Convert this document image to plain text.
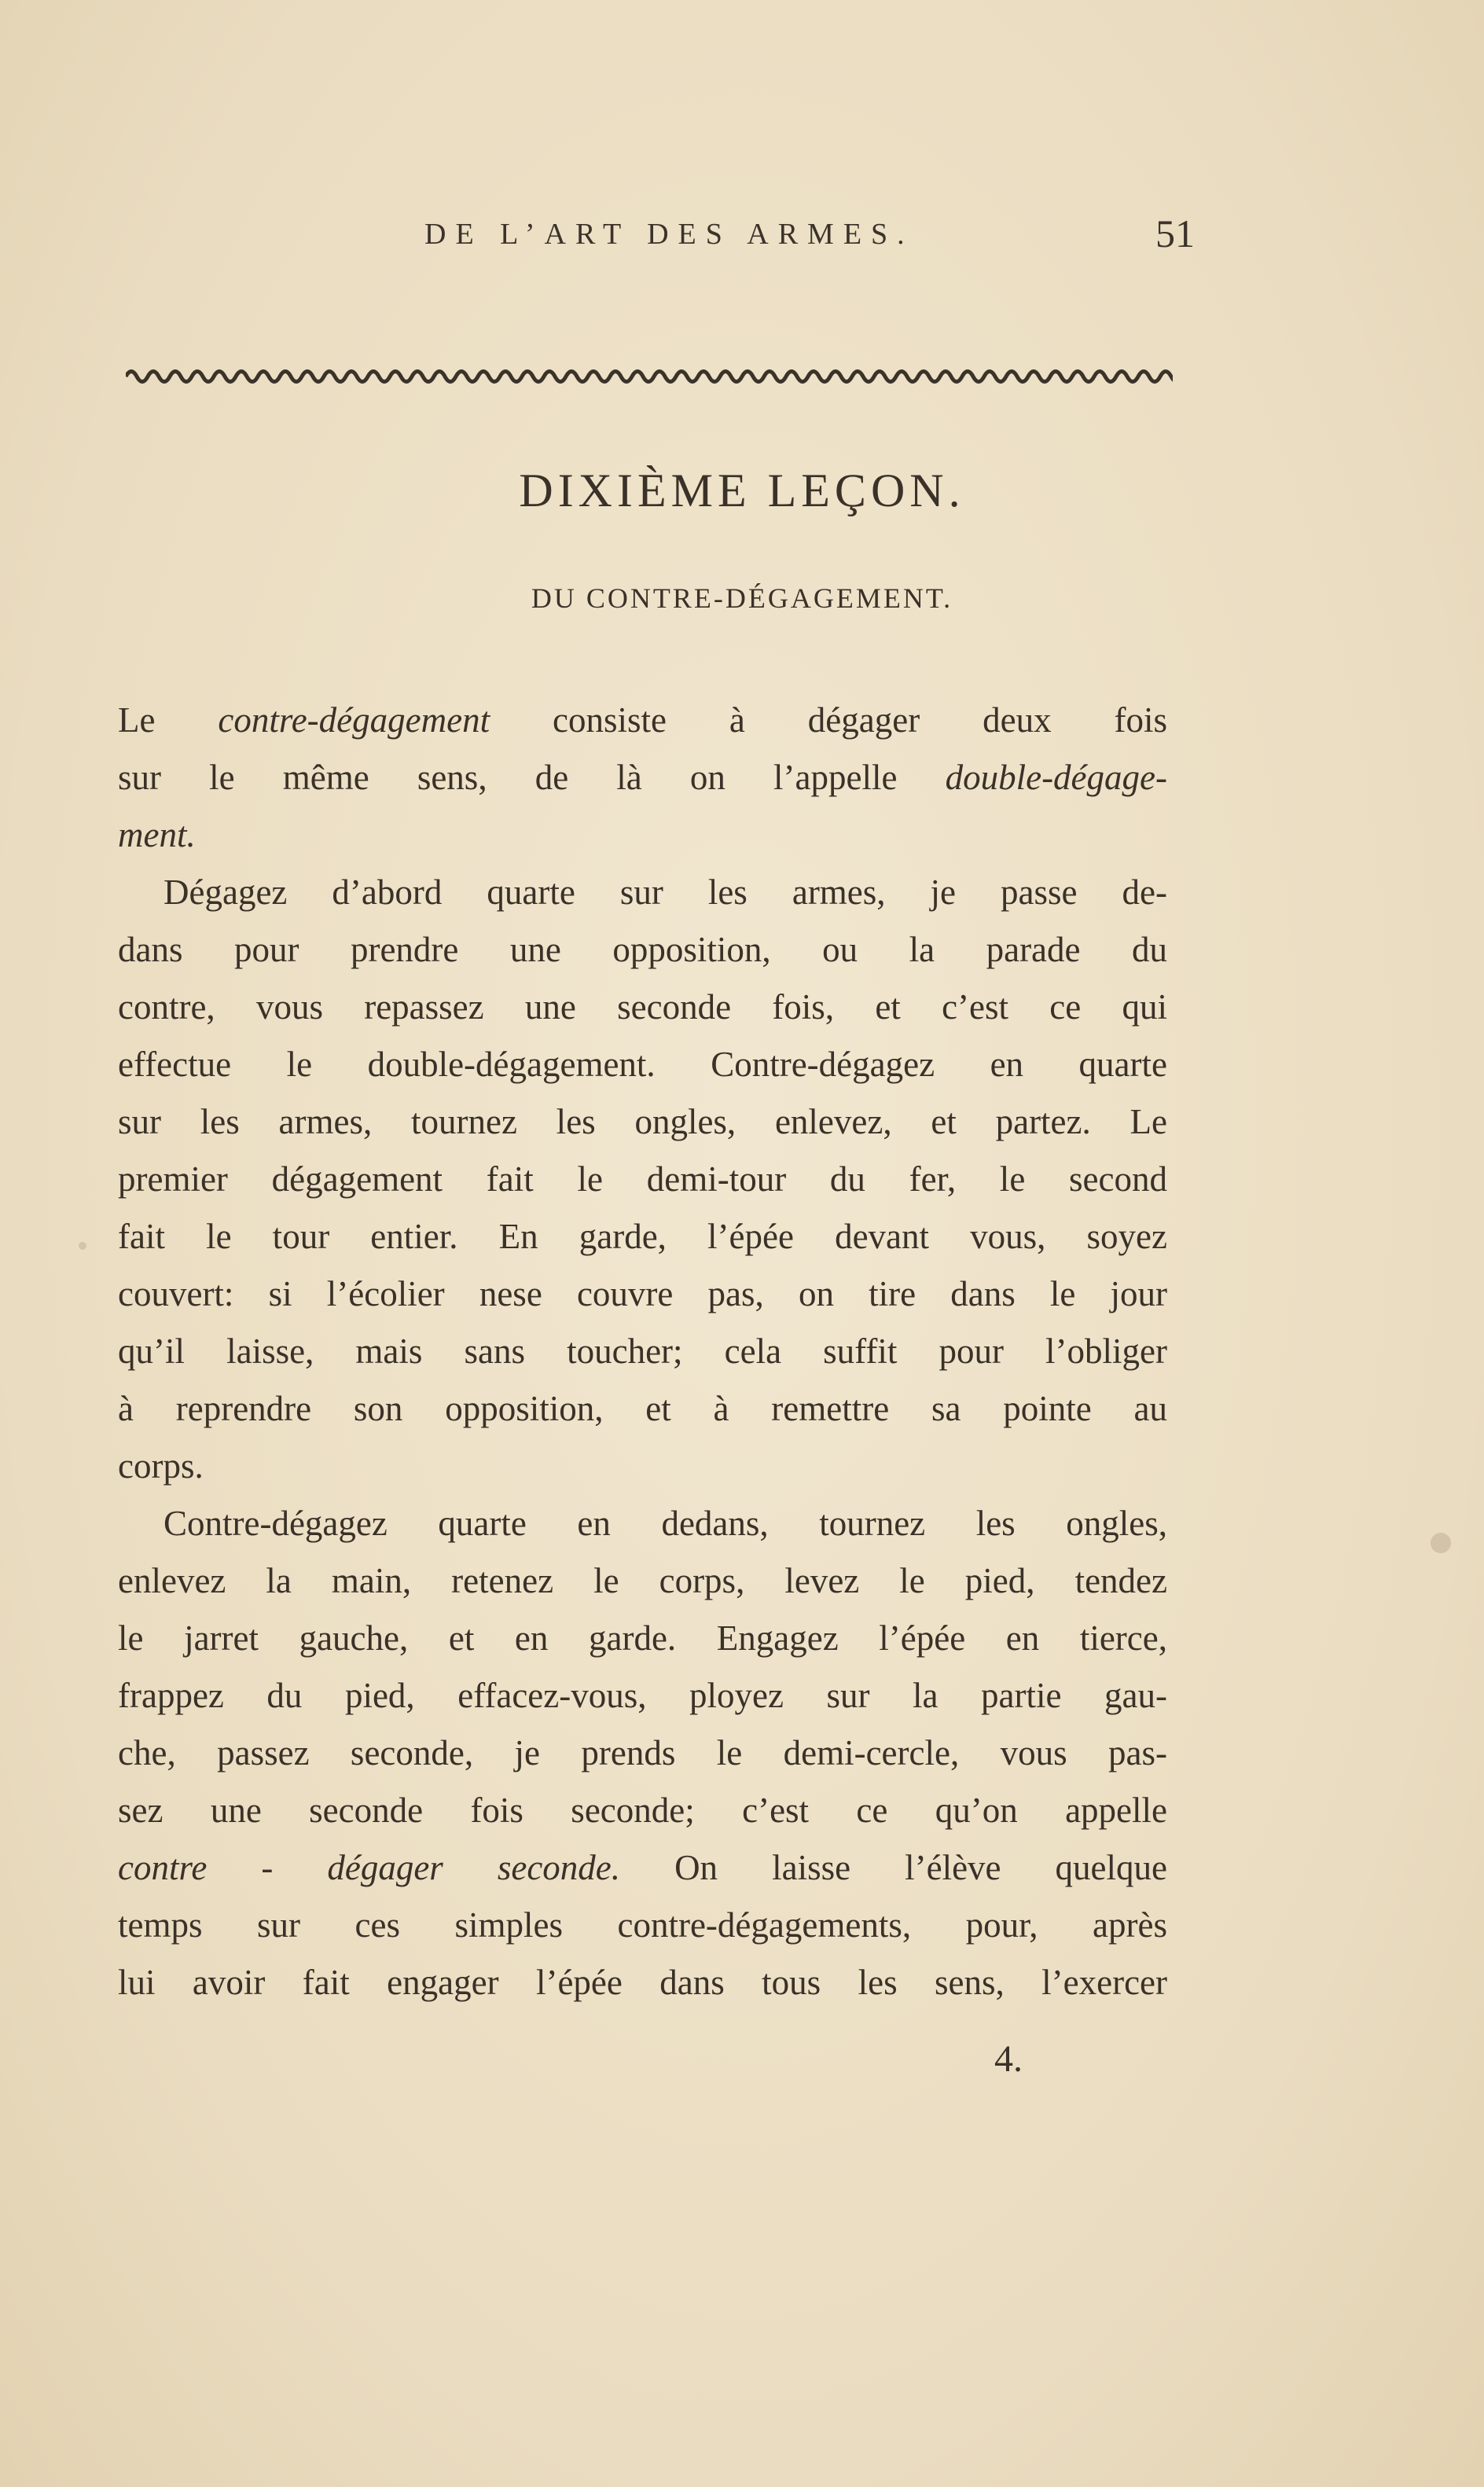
DE L’ART DES ARMES.	51
DIXIÈME LEÇON.
DU CONTRE-DÉGAGEMENT.
Le contre-dégagement consiste à dégager deux fois
sur le même sens, de là on l’appelle double-dégage-
ment.
Dégagez d’abord quarte sur les armes, je passe de-
dans pour prendre une opposition, ou la parade du
contre, vous repassez une seconde fois, et c’est ce qui
effectue le double-dégagement. Contre-dégagez en quarte
sur les armes, tournez les ongles, enlevez, et partez. Le
premier dégagement fait le demi-tour du fer, le second
fait le tour entier. En garde, l’épée devant vous, soyez
couvert: si l’écolier nese couvre pas, on tire dans le jour
qu’il laisse, mais sans toucher; cela suffit pour l’obliger
à reprendre son opposition, et à remettre sa pointe au
corps.
Contre-dégagez quarte en dedans, tournez les ongles,
enlevez la main, retenez le corps, levez le pied, tendez
le jarret gauche, et en garde. Engagez l’épée en tierce,
frappez du pied, effacez-vous, ployez sur la partie gau-
che, passez seconde, je prends le demi-cercle, vous pas-
sez une seconde fois seconde; c’est ce qu’on appelle
contre - dégager seconde. On laisse l’élève quelque
temps sur ces simples contre-dégagements, pour, après
lui avoir fait engager l’épée dans tous les sens, l’exercer
4.
